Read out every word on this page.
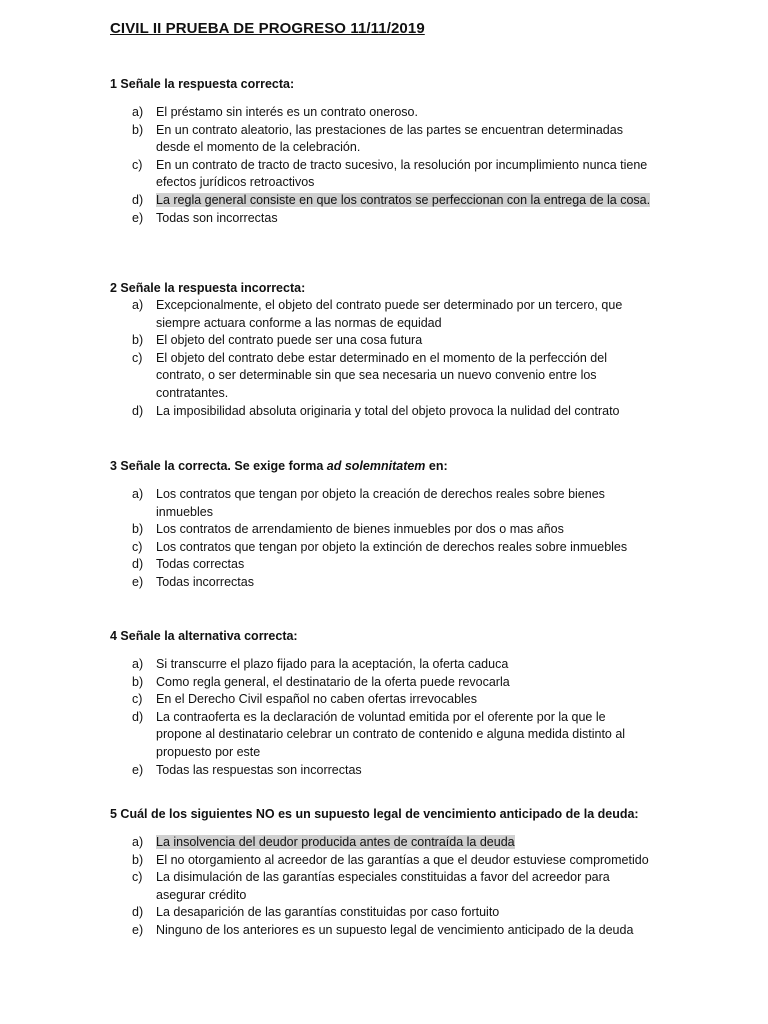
CIVIL II PRUEBA DE PROGRESO 11/11/2019

1 Señale la respuesta correcta:

a) El préstamo sin interés es un contrato oneroso.
b) En un contrato aleatorio, las prestaciones de las partes se encuentran determinadas desde el momento de la celebración.
c) En un contrato de tracto de tracto sucesivo, la resolución por incumplimiento nunca tiene efectos jurídicos retroactivos
d) La regla general consiste en que los contratos se perfeccionan con la entrega de la cosa.
e) Todas son incorrectas

2 Señale la respuesta incorrecta:

a) Excepcionalmente, el objeto del contrato puede ser determinado por un tercero, que siempre actuara conforme a las normas de equidad
b) El objeto del contrato puede ser una cosa futura
c) El objeto del contrato debe estar determinado en el momento de la perfección del contrato, o ser determinable sin que sea necesaria un nuevo convenio entre los contratantes.
d) La imposibilidad absoluta originaria y total del objeto provoca la nulidad del contrato

3 Señale la correcta. Se exige forma ad solemnitatem en:

a) Los contratos que tengan por objeto la creación de derechos reales sobre bienes inmuebles
b) Los contratos de arrendamiento de bienes inmuebles por dos o mas años
c) Los contratos que tengan por objeto la extinción de derechos reales sobre inmuebles
d) Todas correctas
e) Todas incorrectas

4 Señale la alternativa correcta:

a) Si transcurre el plazo fijado para la aceptación, la oferta caduca
b) Como regla general, el destinatario de la oferta puede revocarla
c) En el Derecho Civil español no caben ofertas irrevocables
d) La contraoferta es la declaración de voluntad emitida por el oferente por la que le propone al destinatario celebrar un contrato de contenido e alguna medida distinto al propuesto por este
e) Todas las respuestas son incorrectas

5 Cuál de los siguientes NO es un supuesto legal de vencimiento anticipado de la deuda:

a) La insolvencia del deudor producida antes de contraída la deuda
b) El no otorgamiento al acreedor de las garantías a que el deudor estuviese comprometido
c) La disimulación de las garantías especiales constituidas a favor del acreedor para asegurar crédito
d) La desaparición de las garantías constituidas por caso fortuito
e) Ninguno de los anteriores es un supuesto legal de vencimiento anticipado de la deuda
